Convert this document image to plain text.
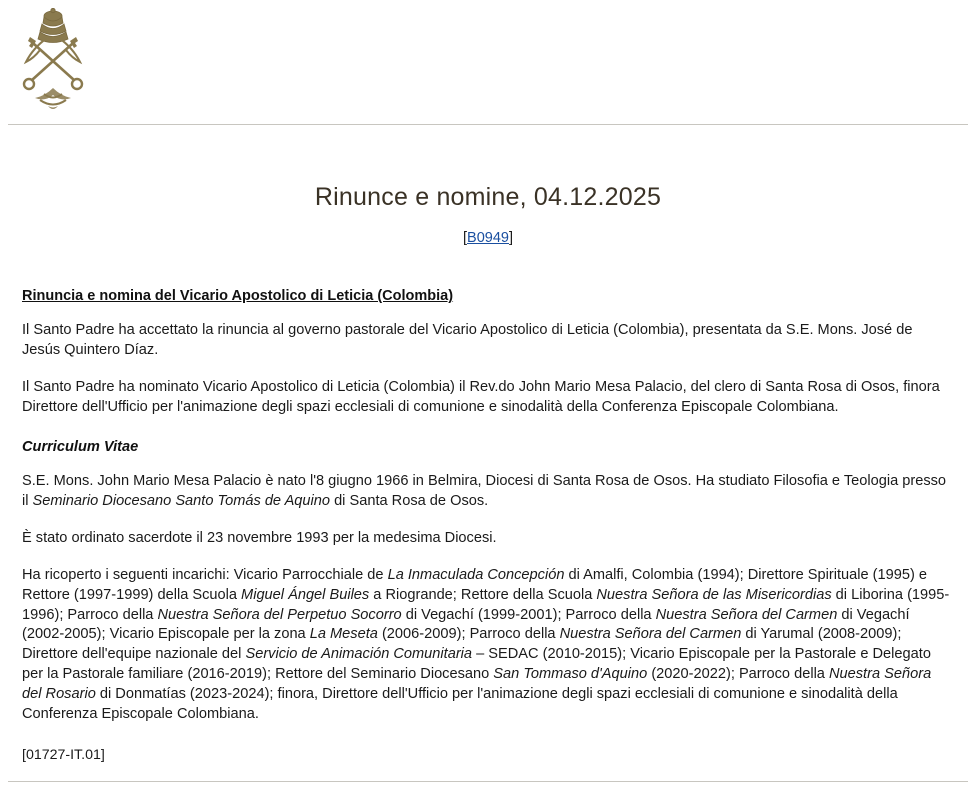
Rinunce e nomine, 04.12.2025
[B0949]
Rinuncia e nomina del Vicario Apostolico di Leticia (Colombia)

Il Santo Padre ha accettato la rinuncia al governo pastorale del Vicario Apostolico di Leticia (Colombia), presentata da S.E. Mons. José de Jesús Quintero Díaz.

Il Santo Padre ha nominato Vicario Apostolico di Leticia (Colombia) il Rev.do John Mario Mesa Palacio, del clero di Santa Rosa di Osos, finora Direttore dell'Ufficio per l'animazione degli spazi ecclesiali di comunione e sinodalità della Conferenza Episcopale Colombiana.

Curriculum Vitae

S.E. Mons. John Mario Mesa Palacio è nato l'8 giugno 1966 in Belmira, Diocesi di Santa Rosa de Osos. Ha studiato Filosofia e Teologia presso il Seminario Diocesano Santo Tomás de Aquino di Santa Rosa de Osos.

È stato ordinato sacerdote il 23 novembre 1993 per la medesima Diocesi.

Ha ricoperto i seguenti incarichi: Vicario Parrocchiale de La Inmaculada Concepción di Amalfi, Colombia (1994); Direttore Spirituale (1995) e Rettore (1997-1999) della Scuola Miguel Ángel Builes a Riogrande; Rettore della Scuola Nuestra Señora de las Misericordias di Liborina (1995-1996); Parroco della Nuestra Señora del Perpetuo Socorro di Vegachí (1999-2001); Parroco della Nuestra Señora del Carmen di Vegachí (2002-2005); Vicario Episcopale per la zona La Meseta (2006-2009); Parroco della Nuestra Señora del Carmen di Yarumal (2008-2009); Direttore dell'equipe nazionale del Servicio de Animación Comunitaria – SEDAC (2010-2015); Vicario Episcopale per la Pastorale e Delegato per la Pastorale familiare (2016-2019); Rettore del Seminario Diocesano San Tommaso d'Aquino (2020-2022); Parroco della Nuestra Señora del Rosario di Donmatías (2023-2024); finora, Direttore dell'Ufficio per l'animazione degli spazi ecclesiali di comunione e sinodalità della Conferenza Episcopale Colombiana.

[01727-IT.01]
